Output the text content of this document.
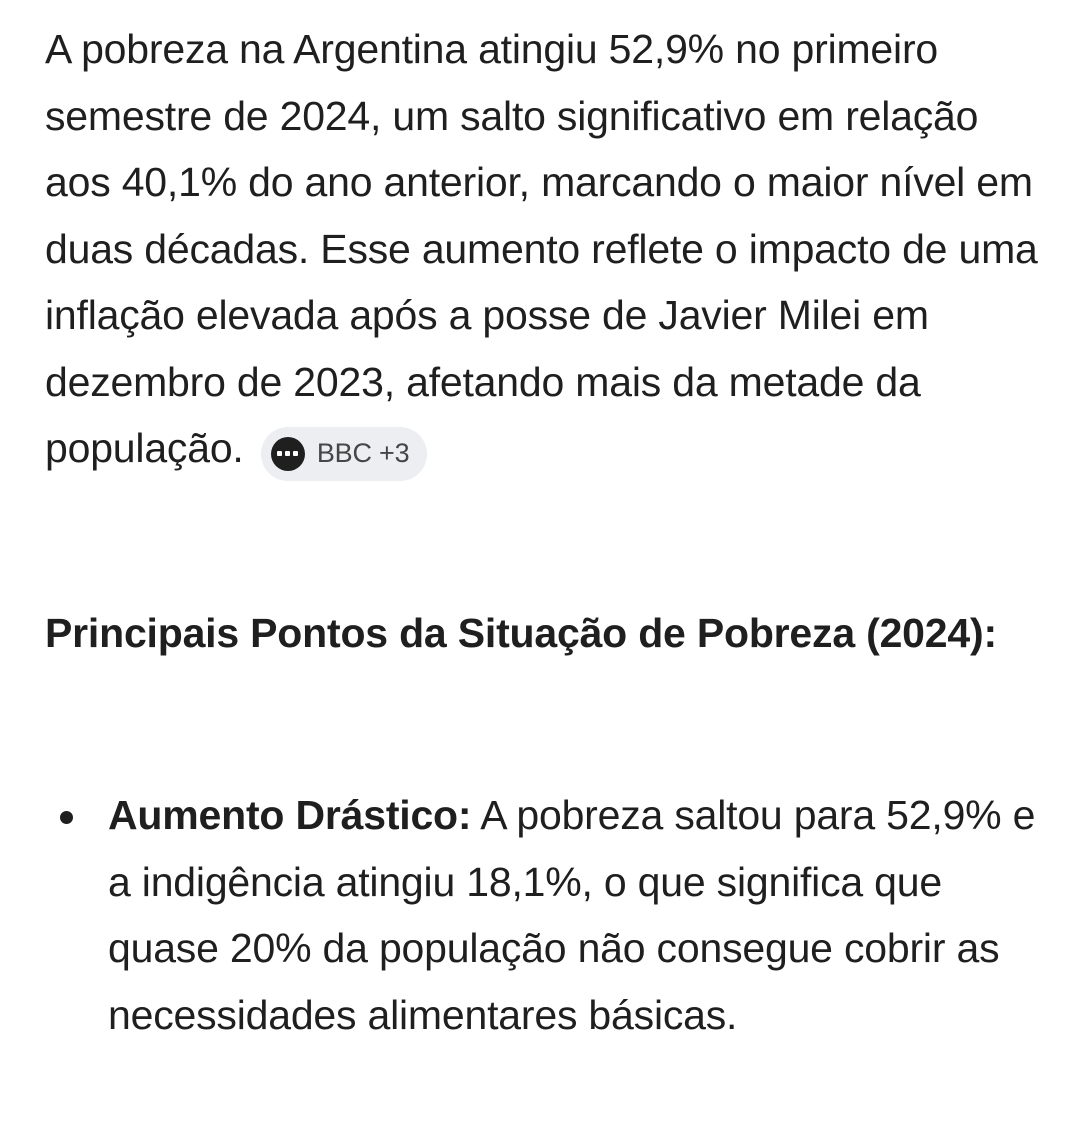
A pobreza na Argentina atingiu 52,9% no primeiro semestre de 2024, um salto significativo em relação aos 40,1% do ano anterior, marcando o maior nível em duas décadas. Esse aumento reflete o impacto de uma inflação elevada após a posse de Javier Milei em dezembro de 2023, afetando mais da metade da população.	BBC +3

Principais Pontos da Situação de Pobreza (2024):
Aumento Drástico: A pobreza saltou para 52,9% e a indigência atingiu 18,1%, o que significa que quase 20% da população não consegue cobrir as necessidades alimentares básicas.
